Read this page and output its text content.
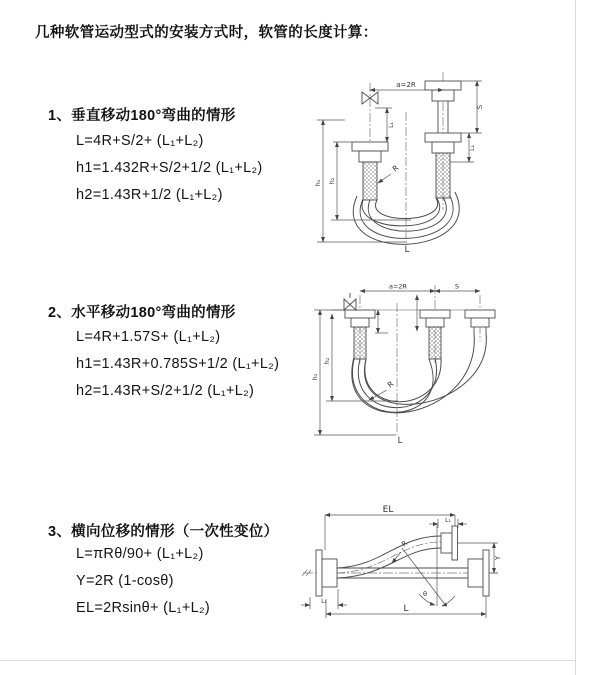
几种软管运动型式的安装方式时，软管的长度计算：
1、垂直移动180°弯曲的情形
L=4R+S/2+ (L₁+L₂)
h1=1.432R+S/2+1/2 (L₁+L₂)
h2=1.43R+1/2 (L₁+L₂)
2、水平移动180°弯曲的情形
L=4R+1.57S+ (L₁+L₂)
h1=1.43R+0.785S+1/2 (L₁+L₂)
h2=1.43R+S/2+1/2 (L₁+L₂)
3、横向位移的情形（一次性变位）
L=πRθ/90+ (L₁+L₂)
Y=2R (1-cosθ)
EL=2Rsinθ+ (L₁+L₂)
a=2R
L₁
S
L₁
h₂
h₁
R
L
a=2R	S
h₂
h₁
R
L
EL
L₁
Y
R
θ
L
L₁
